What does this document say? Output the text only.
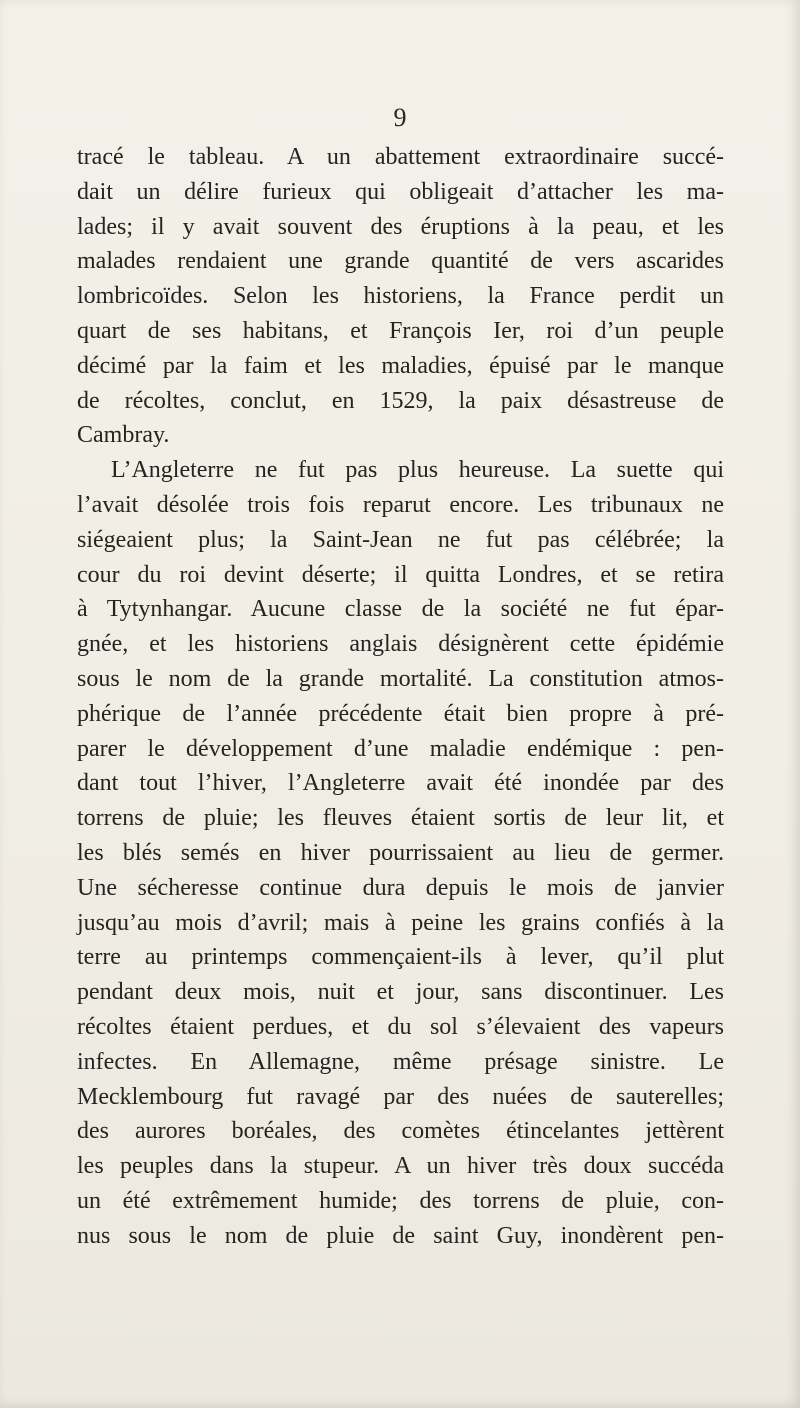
9
tracé le tableau. A un abattement extraordinaire succé-
dait un délire furieux qui obligeait d’attacher les ma-
lades; il y avait souvent des éruptions à la peau, et les
malades rendaient une grande quantité de vers ascarides
lombricoïdes. Selon les historiens, la France perdit un
quart de ses habitans, et François Ier, roi d’un peuple
décimé par la faim et les maladies, épuisé par le manque
de récoltes, conclut, en 1529, la paix désastreuse de
Cambray.
L’Angleterre ne fut pas plus heureuse. La suette qui
l’avait désolée trois fois reparut encore. Les tribunaux ne
siégeaient plus; la Saint-Jean ne fut pas célébrée; la
cour du roi devint déserte; il quitta Londres, et se retira
à Tytynhangar. Aucune classe de la société ne fut épar-
gnée, et les historiens anglais désignèrent cette épidémie
sous le nom de la grande mortalité. La constitution atmos-
phérique de l’année précédente était bien propre à pré-
parer le développement d’une maladie endémique : pen-
dant tout l’hiver, l’Angleterre avait été inondée par des
torrens de pluie; les fleuves étaient sortis de leur lit, et
les blés semés en hiver pourrissaient au lieu de germer.
Une sécheresse continue dura depuis le mois de janvier
jusqu’au mois d’avril; mais à peine les grains confiés à la
terre au printemps commençaient-ils à lever, qu’il plut
pendant deux mois, nuit et jour, sans discontinuer. Les
récoltes étaient perdues, et du sol s’élevaient des vapeurs
infectes. En Allemagne, même présage sinistre. Le
Mecklembourg fut ravagé par des nuées de sauterelles;
des aurores boréales, des comètes étincelantes jettèrent
les peuples dans la stupeur. A un hiver très doux succéda
un été extrêmement humide; des torrens de pluie, con-
nus sous le nom de pluie de saint Guy, inondèrent pen-
